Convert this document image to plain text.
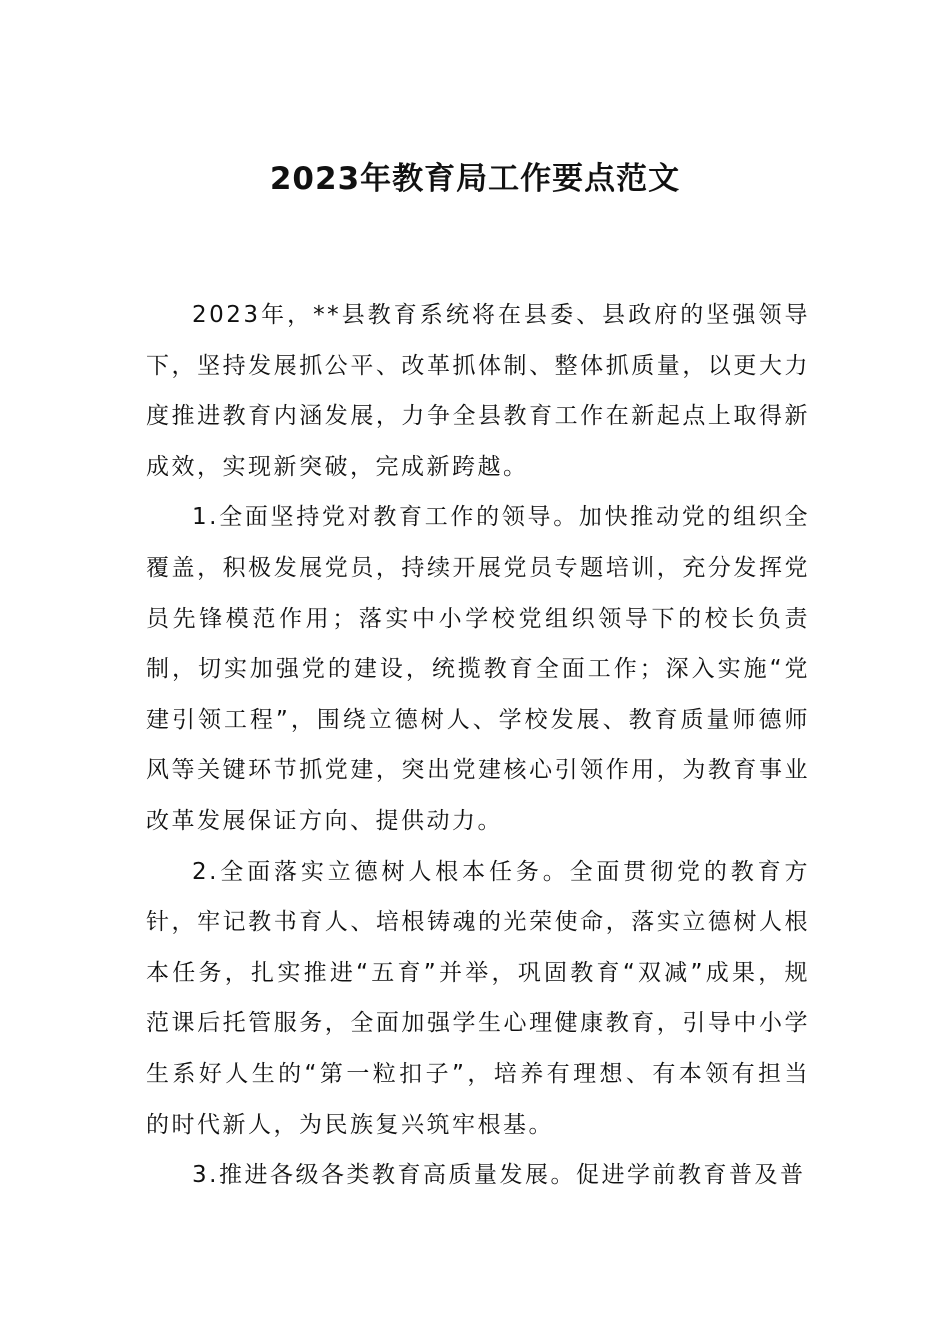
2023年教育局工作要点范文

2023年，**县教育系统将在县委、县政府的坚强领导下，坚持发展抓公平、改革抓体制、整体抓质量，以更大力度推进教育内涵发展，力争全县教育工作在新起点上取得新成效，实现新突破，完成新跨越。

1.全面坚持党对教育工作的领导。加快推动党的组织全覆盖，积极发展党员，持续开展党员专题培训，充分发挥党员先锋模范作用；落实中小学校党组织领导下的校长负责制，切实加强党的建设，统揽教育全面工作；深入实施“党建引领工程”，围绕立德树人、学校发展、教育质量师德师风等关键环节抓党建，突出党建核心引领作用，为教育事业改革发展保证方向、提供动力。

2.全面落实立德树人根本任务。全面贯彻党的教育方针，牢记教书育人、培根铸魂的光荣使命，落实立德树人根本任务，扎实推进“五育”并举，巩固教育“双减”成果，规范课后托管服务，全面加强学生心理健康教育，引导中小学生系好人生的“第一粒扣子”，培养有理想、有本领有担当的时代新人，为民族复兴筑牢根基。

3.推进各级各类教育高质量发展。促进学前教育普及普
